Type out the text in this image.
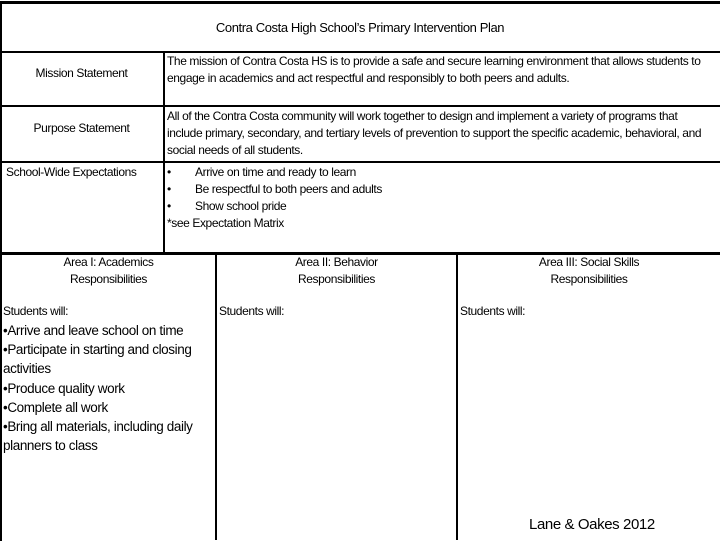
Contra Costa High School’s Primary Intervention Plan
Mission Statement
The mission of Contra Costa HS is to provide a safe and secure learning environment that allows students to engage in academics and act respectful and responsibly to both peers and adults.
Purpose Statement
All of the Contra Costa community will work together to design and implement a variety of programs that include primary, secondary, and tertiary levels of prevention to support the specific academic, behavioral, and social needs of all students.
School-Wide Expectations	• Arrive on time and ready to learn
• Be respectful to both peers and adults
• Show school pride
*see Expectation Matrix
Area I: Academics
Responsibilities
Students will:
• Arrive and leave school on time
• Participate in starting and closing activities
• Produce quality work
• Complete all work
• Bring all materials, including daily planners to class
Area II: Behavior
Responsibilities
Students will:
Area III: Social Skills
Responsibilities
Students will:
Lane & Oakes 2012
